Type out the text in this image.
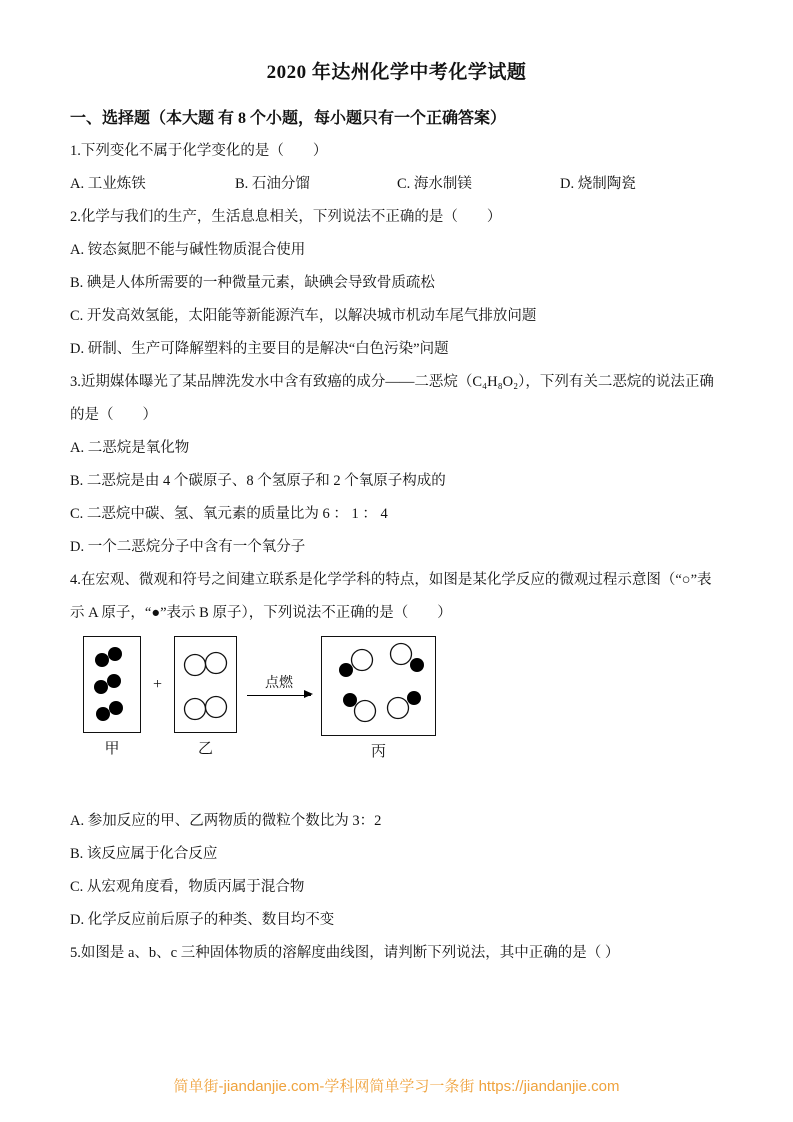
2020 年达州化学中考化学试题
一、选择题（本大题 有 8 个小题，每小题只有一个正确答案）

1.下列变化不属于化学变化的是（　　）

A. 工业炼铁	B. 石油分馏	C. 海水制镁	D. 烧制陶瓷

2.化学与我们的生产，生活息息相关，下列说法不正确的是（　　）

A. 铵态氮肥不能与碱性物质混合使用

B. 碘是人体所需要的一种微量元素，缺碘会导致骨质疏松

C. 开发高效氢能，太阳能等新能源汽车，以解决城市机动车尾气排放问题

D. 研制、生产可降解塑料的主要目的是解决“白色污染”问题

3.近期媒体曝光了某品牌洗发水中含有致癌的成分——二恶烷（C₄H₈O₂），下列有关二恶烷的说法正确的是（　　）

A. 二恶烷是氧化物

B. 二恶烷是由 4 个碳原子、8 个氢原子和 2 个氧原子构成的

C. 二恶烷中碳、氢、氧元素的质量比为 6 ： 1 ： 4

D. 一个二恶烷分子中含有一个氧分子

4.在宏观、微观和符号之间建立联系是化学学科的特点，如图是某化学反应的微观过程示意图（“○”表示 A 原子，“●”表示 B 原子），下列说法不正确的是（　　）

甲
+
乙
点燃
丙

A. 参加反应的甲、乙两物质的微粒个数比为 3：2

B. 该反应属于化合反应

C. 从宏观角度看，物质丙属于混合物

D. 化学反应前后原子的种类、数目均不变

5.如图是 a、b、c 三种固体物质的溶解度曲线图，请判断下列说法，其中正确的是（ ）

简单街-jiandanjie.com-学科网简单学习一条街 https://jiandanjie.com
